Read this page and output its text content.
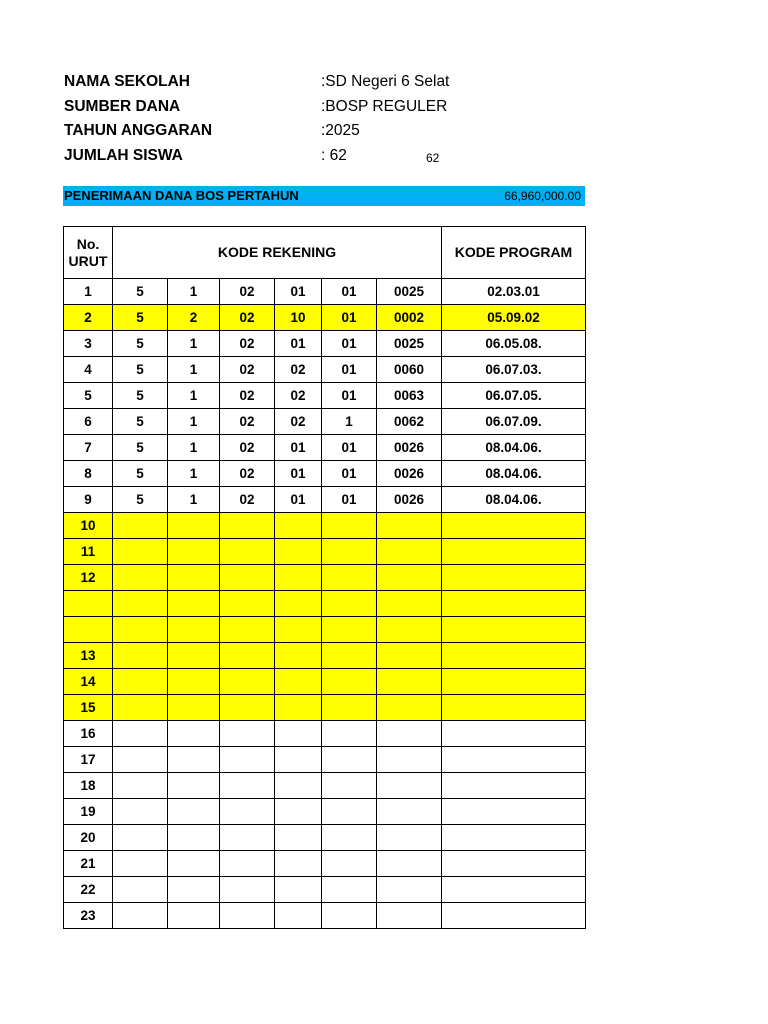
NAMA SEKOLAH	:SD Negeri 6 Selat
SUMBER DANA	:BOSP REGULER
TAHUN ANGGARAN	:2025
JUMLAH SISWA	: 62	62
PENERIMAAN DANA BOS PERTAHUN	66,960,000.00
No. URUT	KODE REKENING						KODE PROGRAM
1	5	1	02	01	01	0025	02.03.01
2	5	2	02	10	01	0002	05.09.02
3	5	1	02	01	01	0025	06.05.08.
4	5	1	02	02	01	0060	06.07.03.
5	5	1	02	02	01	0063	06.07.05.
6	5	1	02	02	1	0062	06.07.09.
7	5	1	02	01	01	0026	08.04.06.
8	5	1	02	01	01	0026	08.04.06.
9	5	1	02	01	01	0026	08.04.06.
10							
11							
12							

13							
14							
15							
16							
17							
18							
19							
20							
21							
22							
23							
